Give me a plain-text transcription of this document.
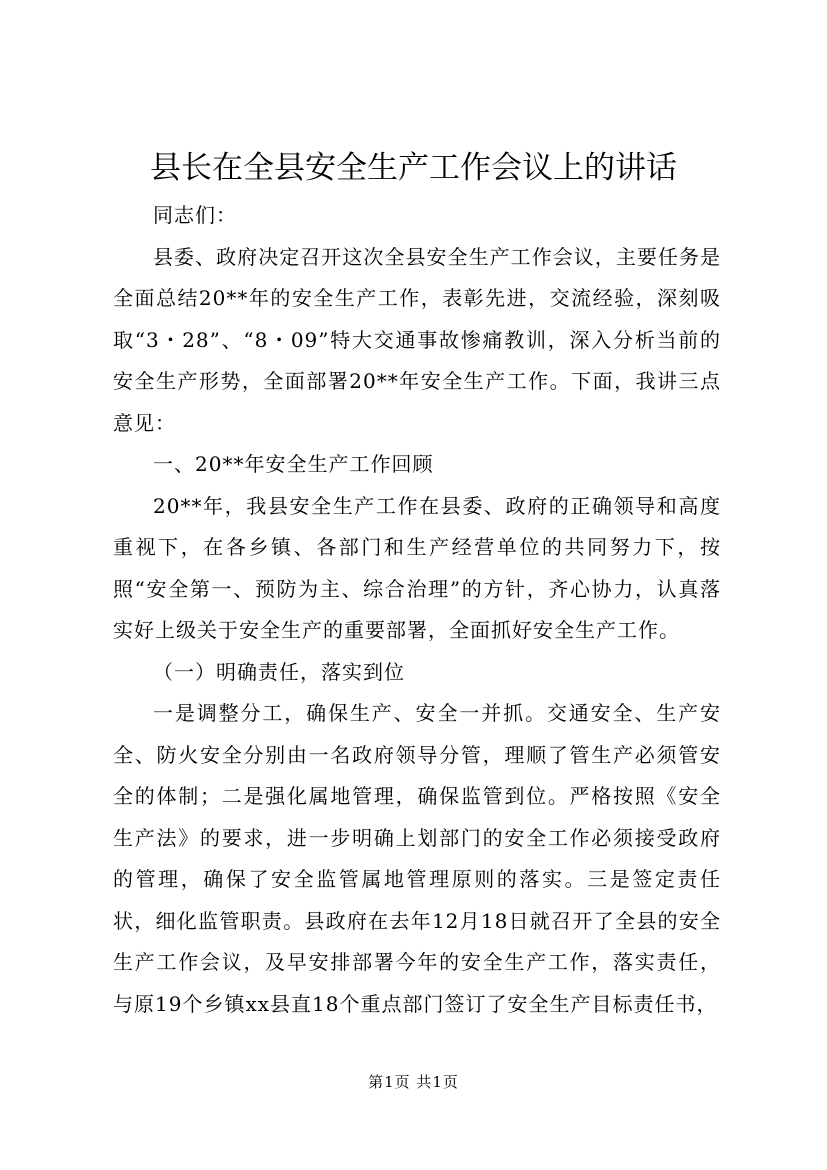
县长在全县安全生产工作会议上的讲话

同志们：

县委、政府决定召开这次全县安全生产工作会议，主要任务是全面总结20**年的安全生产工作，表彰先进，交流经验，深刻吸取“3・28”、“8・09”特大交通事故惨痛教训，深入分析当前的安全生产形势，全面部署20**年安全生产工作。下面，我讲三点意见：

一、20**年安全生产工作回顾

20**年，我县安全生产工作在县委、政府的正确领导和高度重视下，在各乡镇、各部门和生产经营单位的共同努力下，按照“安全第一、预防为主、综合治理”的方针，齐心协力，认真落实好上级关于安全生产的重要部署，全面抓好安全生产工作。

（一）明确责任，落实到位

一是调整分工，确保生产、安全一并抓。交通安全、生产安全、防火安全分别由一名政府领导分管，理顺了管生产必须管安全的体制；二是强化属地管理，确保监管到位。严格按照《安全生产法》的要求，进一步明确上划部门的安全工作必须接受政府的管理，确保了安全监管属地管理原则的落实。三是签定责任状，细化监管职责。县政府在去年12月18日就召开了全县的安全生产工作会议，及早安排部署今年的安全生产工作，落实责任，与原19个乡镇xx县直18个重点部门签订了安全生产目标责任书，

第1页 共1页
